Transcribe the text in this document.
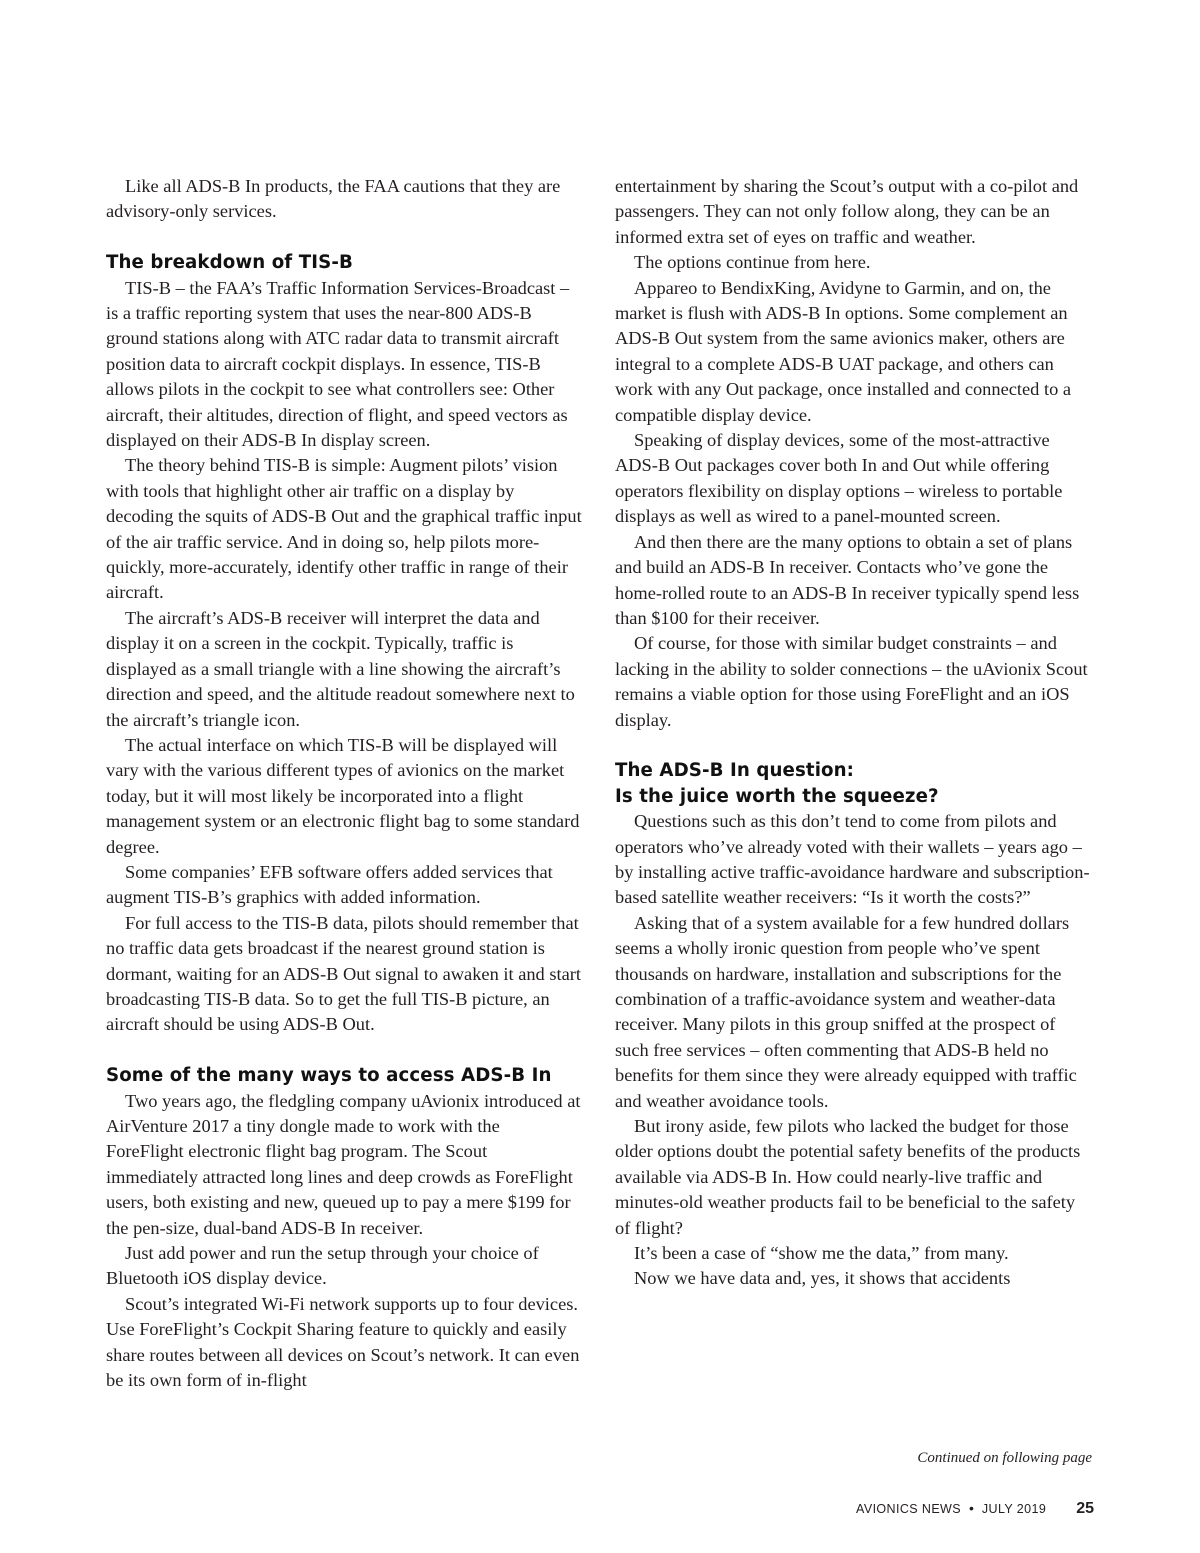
Like all ADS-B In products, the FAA cautions that they are advisory-only services.

The breakdown of TIS-B

TIS-B – the FAA’s Traffic Information Services-Broadcast – is a traffic reporting system that uses the near-800 ADS-B ground stations along with ATC radar data to transmit aircraft position data to aircraft cockpit displays. In essence, TIS-B allows pilots in the cockpit to see what controllers see: Other aircraft, their altitudes, direction of flight, and speed vectors as displayed on their ADS-B In display screen.

The theory behind TIS-B is simple: Augment pilots’ vision with tools that highlight other air traffic on a display by decoding the squits of ADS-B Out and the graphical traffic input of the air traffic service. And in doing so, help pilots more-quickly, more-accurately, identify other traffic in range of their aircraft.

The aircraft’s ADS-B receiver will interpret the data and display it on a screen in the cockpit. Typically, traffic is displayed as a small triangle with a line showing the aircraft’s direction and speed, and the altitude readout somewhere next to the aircraft’s triangle icon.

The actual interface on which TIS-B will be displayed will vary with the various different types of avionics on the market today, but it will most likely be incorporated into a flight management system or an electronic flight bag to some standard degree.

Some companies’ EFB software offers added services that augment TIS-B’s graphics with added information.

For full access to the TIS-B data, pilots should remember that no traffic data gets broadcast if the nearest ground station is dormant, waiting for an ADS-B Out signal to awaken it and start broadcasting TIS-B data. So to get the full TIS-B picture, an aircraft should be using ADS-B Out.

Some of the many ways to access ADS-B In

Two years ago, the fledgling company uAvionix introduced at AirVenture 2017 a tiny dongle made to work with the ForeFlight electronic flight bag program. The Scout immediately attracted long lines and deep crowds as ForeFlight users, both existing and new, queued up to pay a mere $199 for the pen-size, dual-band ADS-B In receiver.

Just add power and run the setup through your choice of Bluetooth iOS display device.

Scout’s integrated Wi-Fi network supports up to four devices. Use ForeFlight’s Cockpit Sharing feature to quickly and easily share routes between all devices on Scout’s network. It can even be its own form of in-flight

entertainment by sharing the Scout’s output with a co-pilot and passengers. They can not only follow along, they can be an informed extra set of eyes on traffic and weather.

The options continue from here.

Appareo to BendixKing, Avidyne to Garmin, and on, the market is flush with ADS-B In options. Some complement an ADS-B Out system from the same avionics maker, others are integral to a complete ADS-B UAT package, and others can work with any Out package, once installed and connected to a compatible display device.

Speaking of display devices, some of the most-attractive ADS-B Out packages cover both In and Out while offering operators flexibility on display options – wireless to portable displays as well as wired to a panel-mounted screen.

And then there are the many options to obtain a set of plans and build an ADS-B In receiver. Contacts who’ve gone the home-rolled route to an ADS-B In receiver typically spend less than $100 for their receiver.

Of course, for those with similar budget constraints – and lacking in the ability to solder connections – the uAvionix Scout remains a viable option for those using ForeFlight and an iOS display.

The ADS-B In question:
Is the juice worth the squeeze?

Questions such as this don’t tend to come from pilots and operators who’ve already voted with their wallets – years ago – by installing active traffic-avoidance hardware and subscription-based satellite weather receivers: “Is it worth the costs?”

Asking that of a system available for a few hundred dollars seems a wholly ironic question from people who’ve spent thousands on hardware, installation and subscriptions for the combination of a traffic-avoidance system and weather-data receiver. Many pilots in this group sniffed at the prospect of such free services – often commenting that ADS-B held no benefits for them since they were already equipped with traffic and weather avoidance tools.

But irony aside, few pilots who lacked the budget for those older options doubt the potential safety benefits of the products available via ADS-B In. How could nearly-live traffic and minutes-old weather products fail to be beneficial to the safety of flight?

It’s been a case of “show me the data,” from many.

Now we have data and, yes, it shows that accidents

Continued on following page
AVIONICS NEWS • JULY 2019 25
